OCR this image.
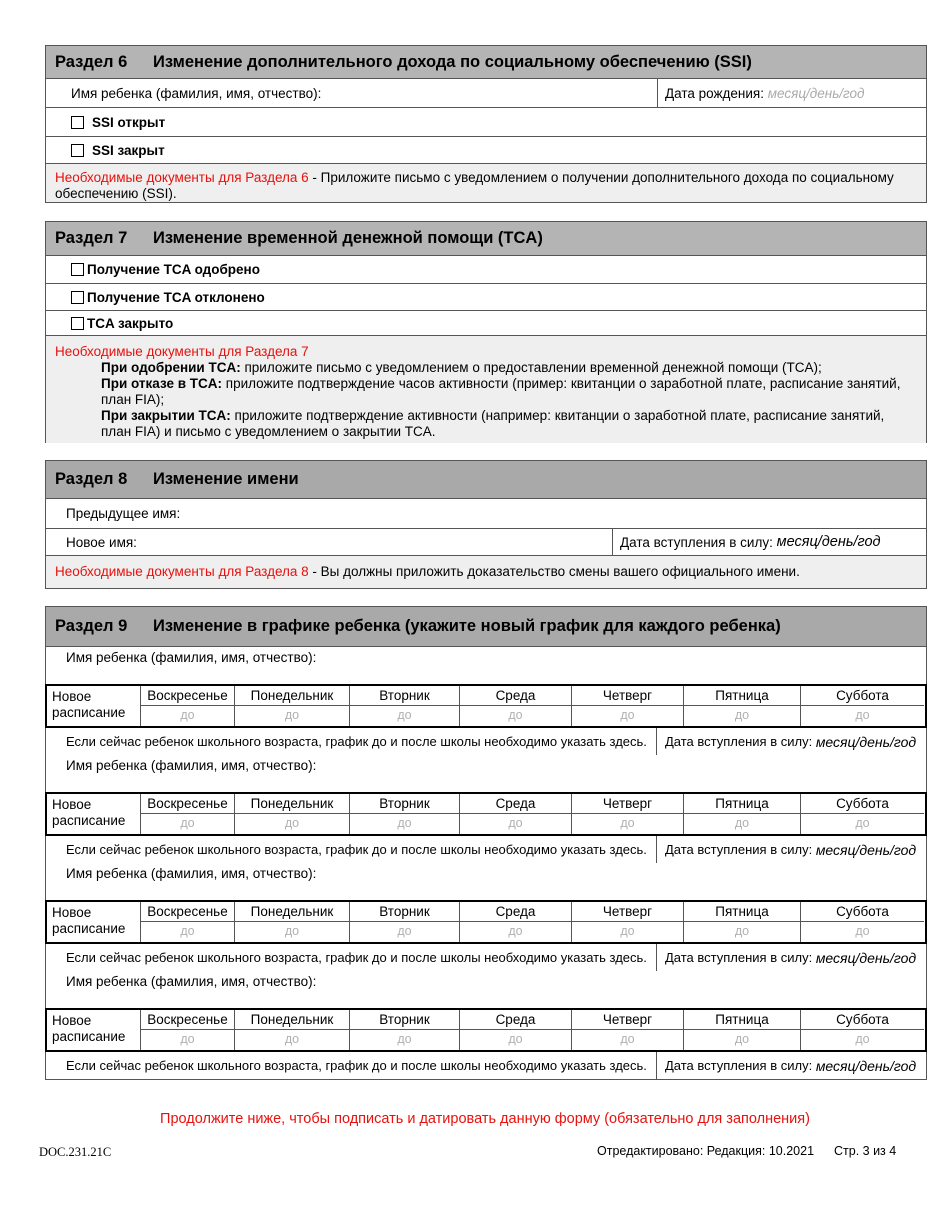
Раздел 6	Изменение дополнительного дохода по социальному обеспечению (SSI)
Имя ребенка (фамилия, имя, отчество):	Дата рождения:
месяц/день/год
SSI открыт
SSI закрыт
Необходимые документы для Раздела 6 - Приложите письмо с уведомлением о получении дополнительного дохода по социальному обеспечению (SSI).
Раздел 7	Изменение временной денежной помощи (TCA)
Получение TCA одобрено
Получение TCA отклонено
TCA закрыто
Необходимые документы для Раздела 7
При одобрении TCA: приложите письмо с уведомлением о предоставлении временной денежной помощи (TCA);
При отказе в TCA: приложите подтверждение часов активности (пример: квитанции о заработной плате, расписание занятий, план FIA);
При закрытии TCA: приложите подтверждение активности (например: квитанции о заработной плате, расписание занятий, план FIA) и письмо с уведомлением о закрытии TCA.
Раздел 8	Изменение имени
Предыдущее имя:
Новое имя:	Дата вступления в силу:
месяц/день/год
Необходимые документы для Раздела 8 - Вы должны приложить доказательство смены вашего официального имени.
Раздел 9	Изменение в графике ребенка (укажите новый график для каждого ребенка)
Имя ребенка (фамилия, имя, отчество):
Новое расписание
Воскресенье	Понедельник	Вторник	Среда	Четверг	Пятница	Суббота
до	до	до	до	до	до	до
Если сейчас ребенок школьного возраста, график до и после школы необходимо указать здесь. Дата вступления в силу:
месяц/день/год
Имя ребенка (фамилия, имя, отчество):
Новое расписание
Воскресенье	Понедельник	Вторник	Среда	Четверг	Пятница	Суббота
до	до	до	до	до	до	до
Если сейчас ребенок школьного возраста, график до и после школы необходимо указать здесь. Дата вступления в силу:
месяц/день/год
Имя ребенка (фамилия, имя, отчество):
Новое расписание
Воскресенье	Понедельник	Вторник	Среда	Четверг	Пятница	Суббота
до	до	до	до	до	до	до
Если сейчас ребенок школьного возраста, график до и после школы необходимо указать здесь. Дата вступления в силу:
месяц/день/год
Имя ребенка (фамилия, имя, отчество):
Новое расписание
Воскресенье	Понедельник	Вторник	Среда	Четверг	Пятница	Суббота
до	до	до	до	до	до	до
Если сейчас ребенок школьного возраста, график до и после школы необходимо указать здесь. Дата вступления в силу:
месяц/день/год
Продолжите ниже, чтобы подписать и датировать данную форму (обязательно для заполнения)
DOC.231.21C	Отредактировано: Редакция: 10.2021 Стр. 3 из 4
